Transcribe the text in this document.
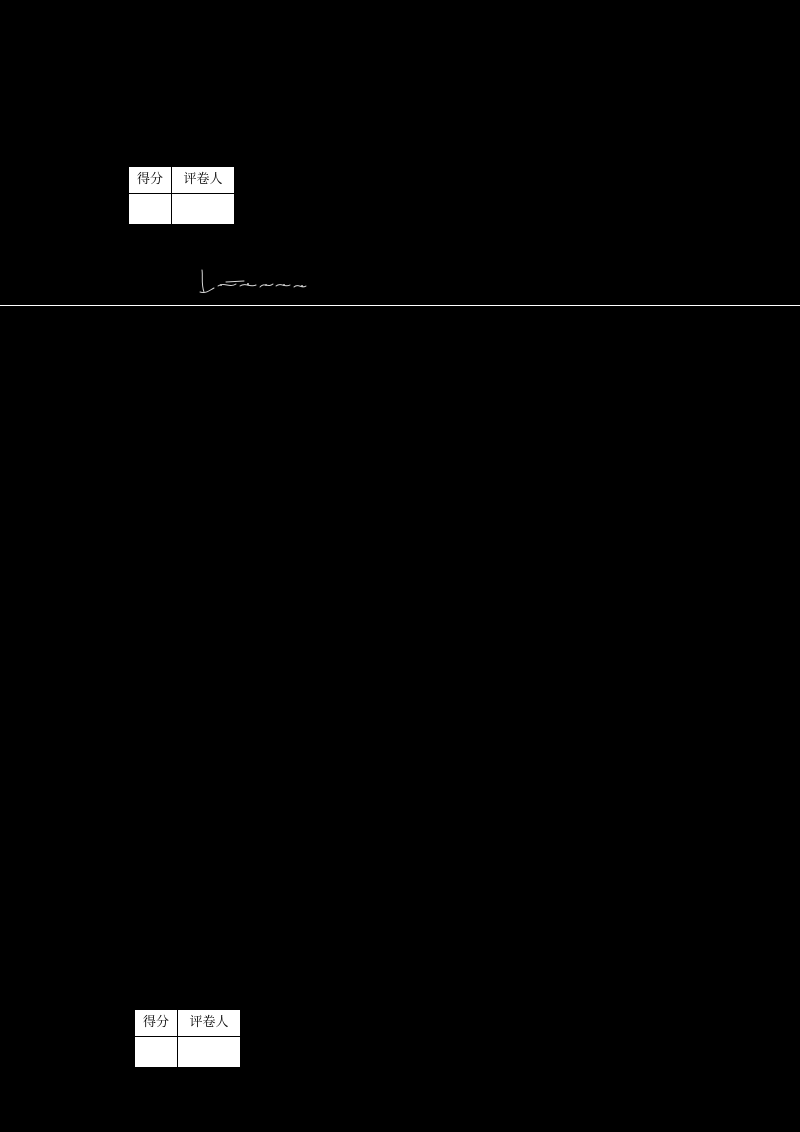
得分	评卷人

得分	评卷人
